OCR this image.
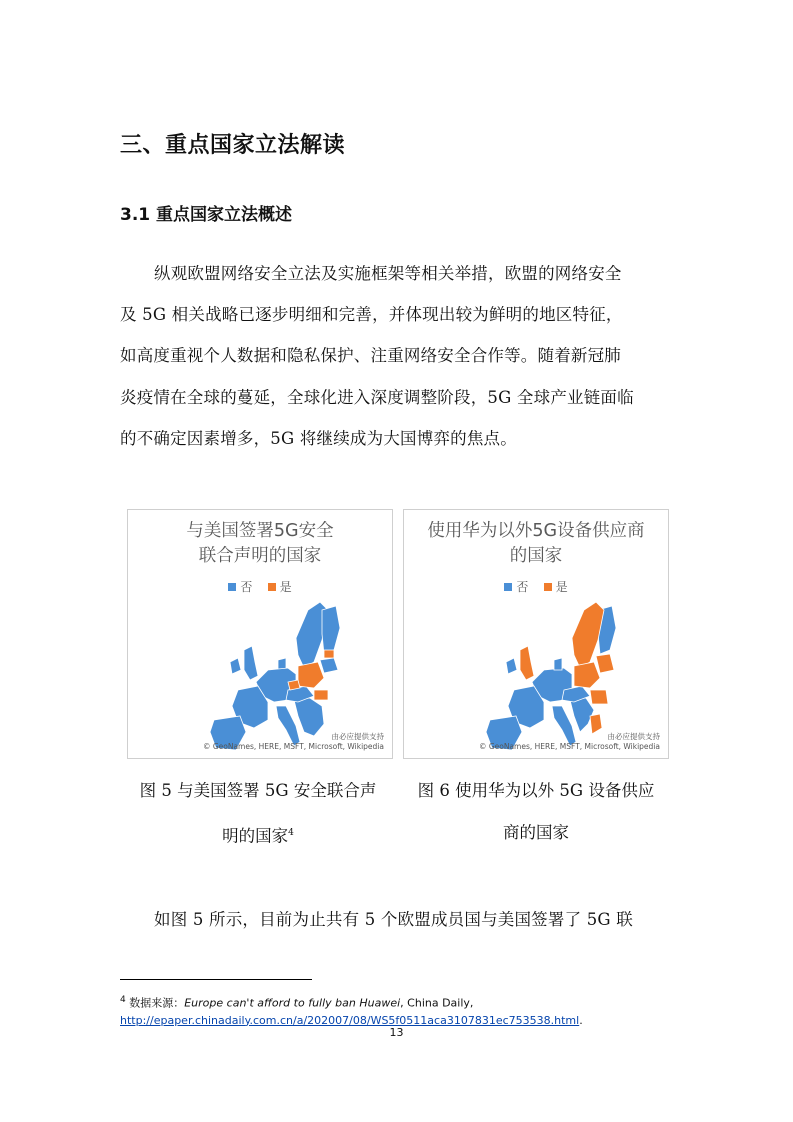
三、重点国家立法解读
3.1 重点国家立法概述
纵观欧盟网络安全立法及实施框架等相关举措，欧盟的网络安全
及 5G 相关战略已逐步明细和完善，并体现出较为鲜明的地区特征，
如高度重视个人数据和隐私保护、注重网络安全合作等。随着新冠肺
炎疫情在全球的蔓延，全球化进入深度调整阶段，5G 全球产业链面临
的不确定因素增多，5G 将继续成为大国博弈的焦点。
与美国签署5G安全
联合声明的国家
否 是
由必应提供支持
© GeoNames, HERE, MSFT, Microsoft, Wikipedia
使用华为以外5G设备供应商
的国家
否 是
由必应提供支持
© GeoNames, HERE, MSFT, Microsoft, Wikipedia
图 5 与美国签署 5G 安全联合声
明的国家$^4$
图 6 使用华为以外 5G 设备供应
商的国家
如图 5 所示，目前为止共有 5 个欧盟成员国与美国签署了 5G 联
$^4$ 数据来源：Europe can't afford to fully ban Huawei, China Daily,
http://epaper.chinadaily.com.cn/a/202007/08/WS5f0511aca3107831ec753538.html.
13
